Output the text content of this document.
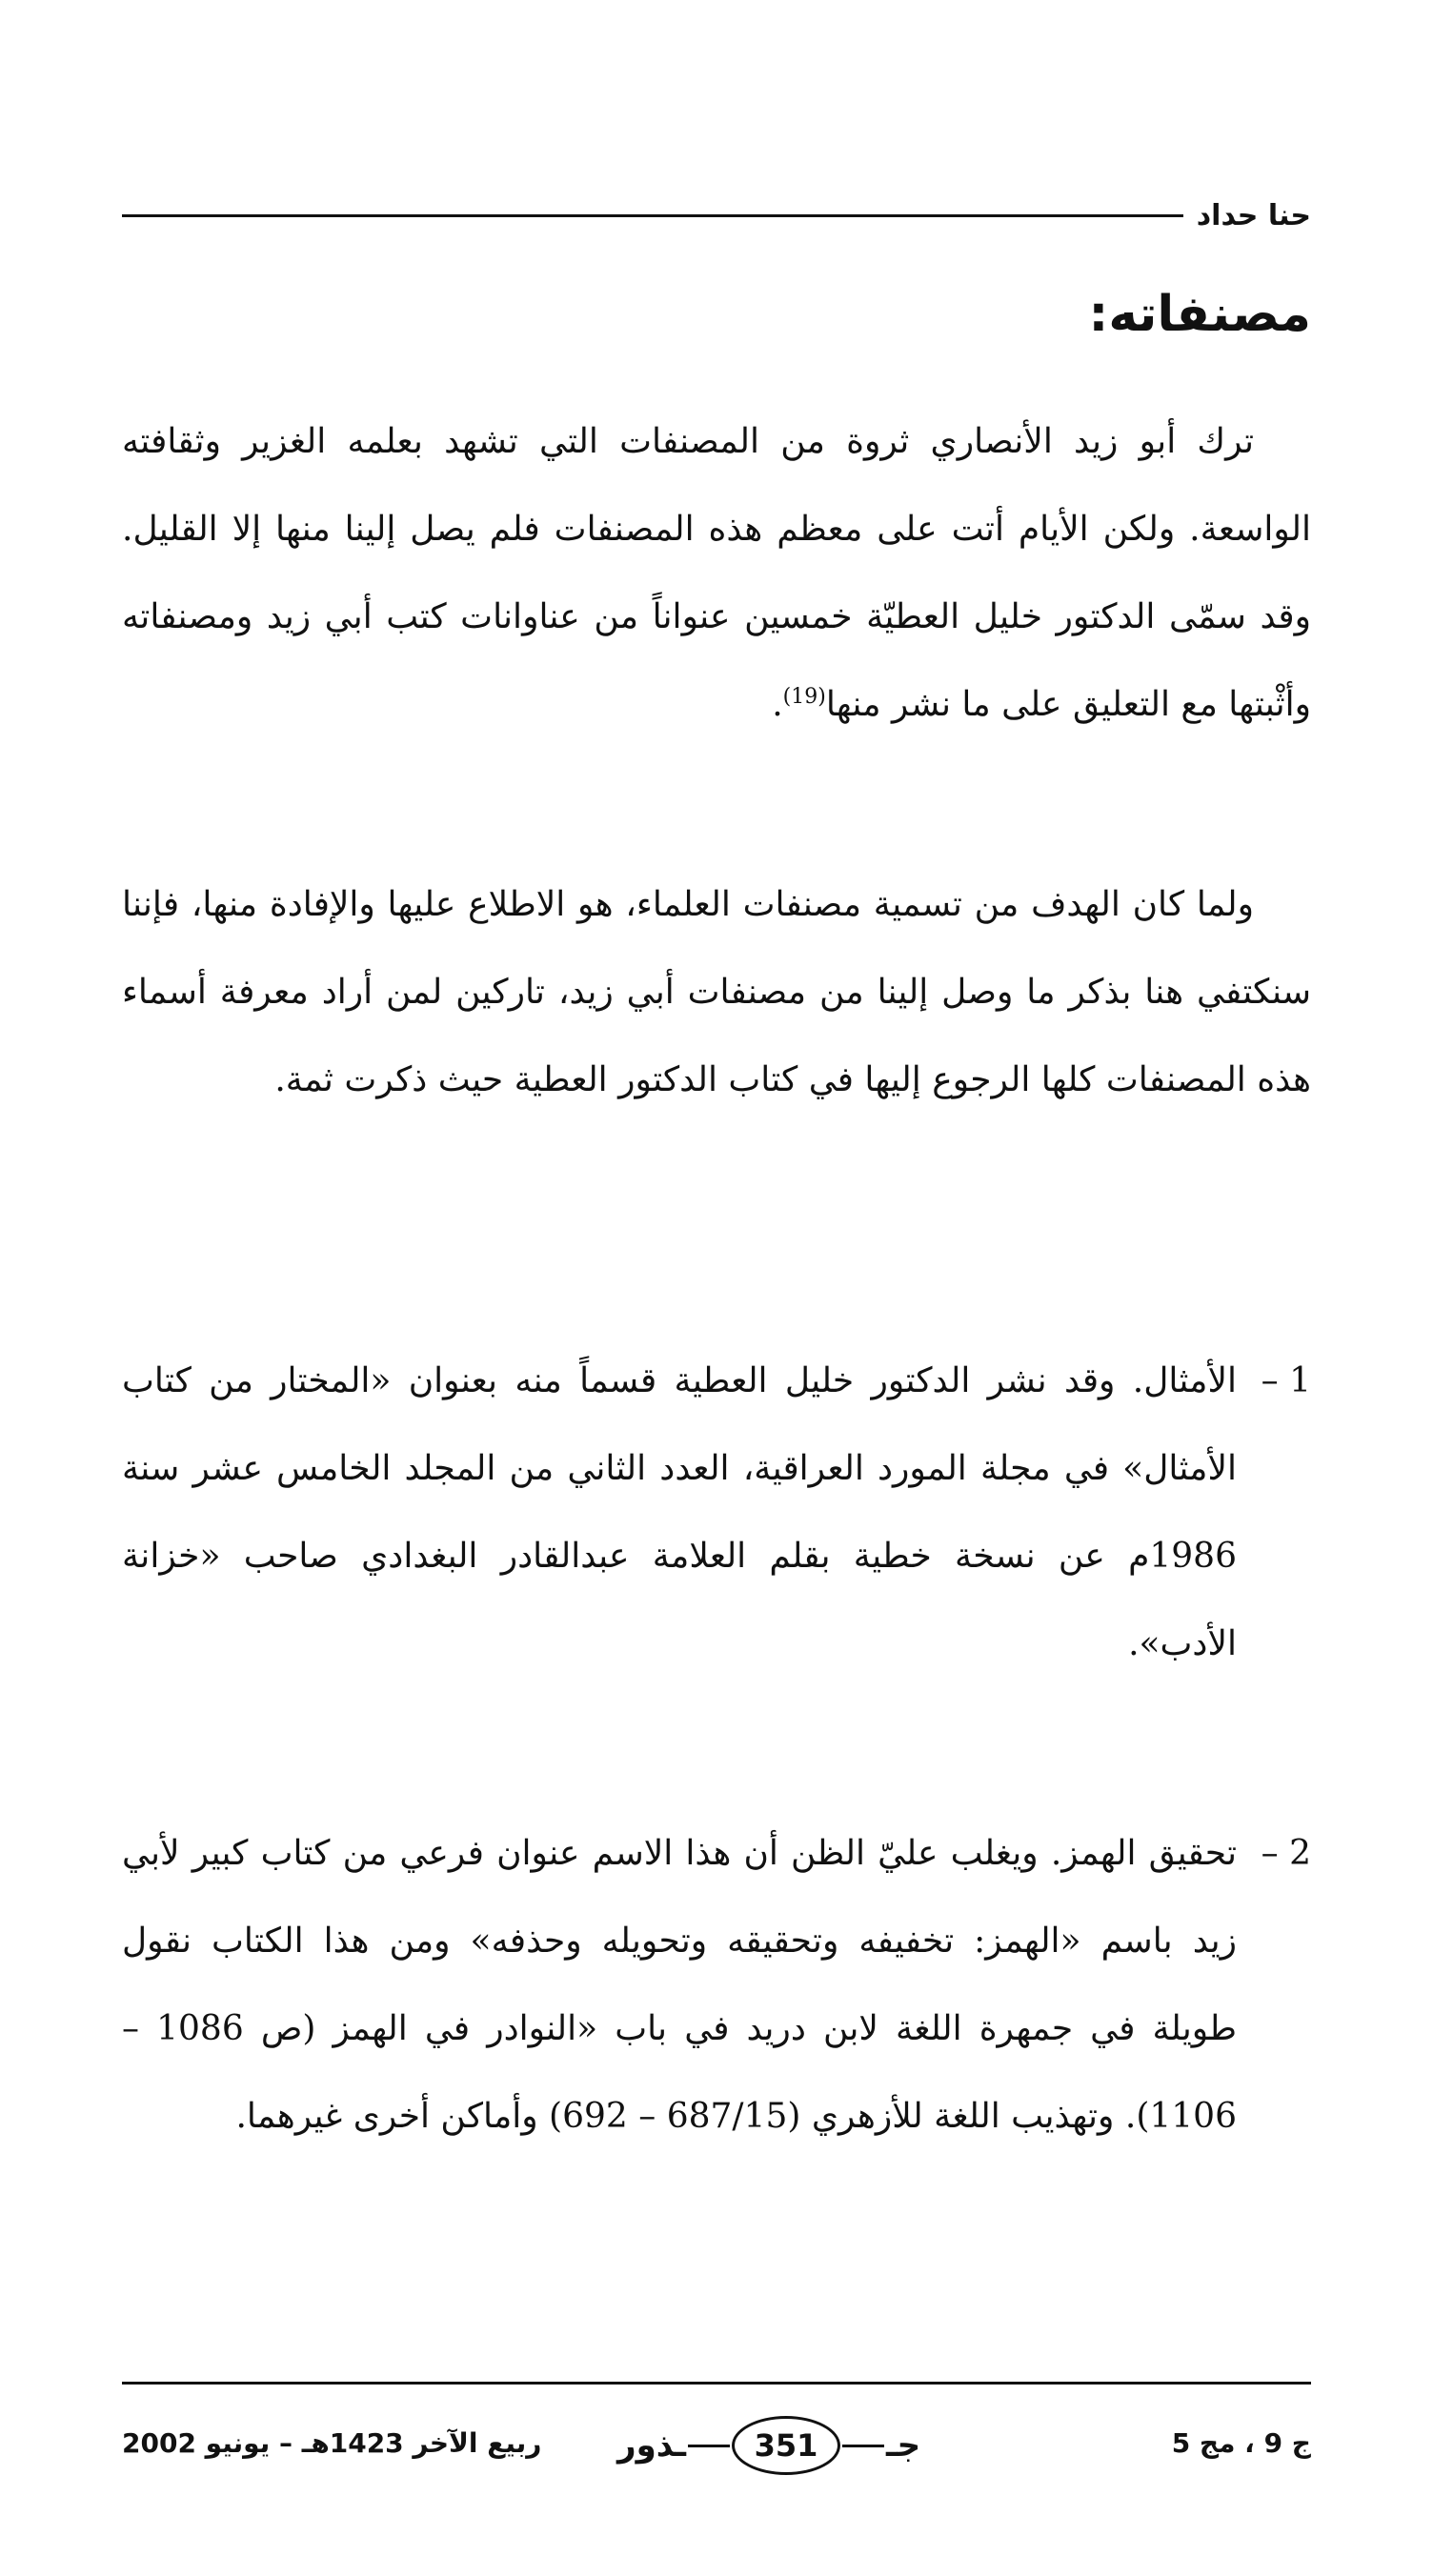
حنا حداد
مصنفاته:

ترك أبو زيد الأنصاري ثروة من المصنفات التي تشهد بعلمه الغزير وثقافته الواسعة. ولكن الأيام أتت على معظم هذه المصنفات فلم يصل إلينا منها إلا القليل. وقد سمّى الدكتور خليل العطيّة خمسين عنواناً من عناوانات كتب أبي زيد ومصنفاته وأثْبتها مع التعليق على ما نشر منها$^{(19)}$.

ولما كان الهدف من تسمية مصنفات العلماء، هو الاطلاع عليها والإفادة منها، فإننا سنكتفي هنا بذكر ما وصل إلينا من مصنفات أبي زيد، تاركين لمن أراد معرفة أسماء هذه المصنفات كلها الرجوع إليها في كتاب الدكتور العطية حيث ذكرت ثمة.

1 –
الأمثال. وقد نشر الدكتور خليل العطية قسماً منه بعنوان «المختار من كتاب الأمثال» في مجلة المورد العراقية، العدد الثاني من المجلد الخامس عشر سنة 1986م عن نسخة خطية بقلم العلامة عبدالقادر البغدادي صاحب «خزانة الأدب».
2 –
تحقيق الهمز. ويغلب عليّ الظن أن هذا الاسم عنوان فرعي من كتاب كبير لأبي زيد باسم «الهمز: تخفيفه وتحقيقه وتحويله وحذفه» ومن هذا الكتاب نقول طويلة في جمهرة اللغة لابن دريد في باب «النوادر في الهمز (ص 1086 – 1106). وتهذيب اللغة للأزهري (687/15 – 692) وأماكن أخرى غيرهما.
ربيع الآخر 1423هـ – يونيو 2002 ـذور	351	جـ	ج 9 ، مج 5
